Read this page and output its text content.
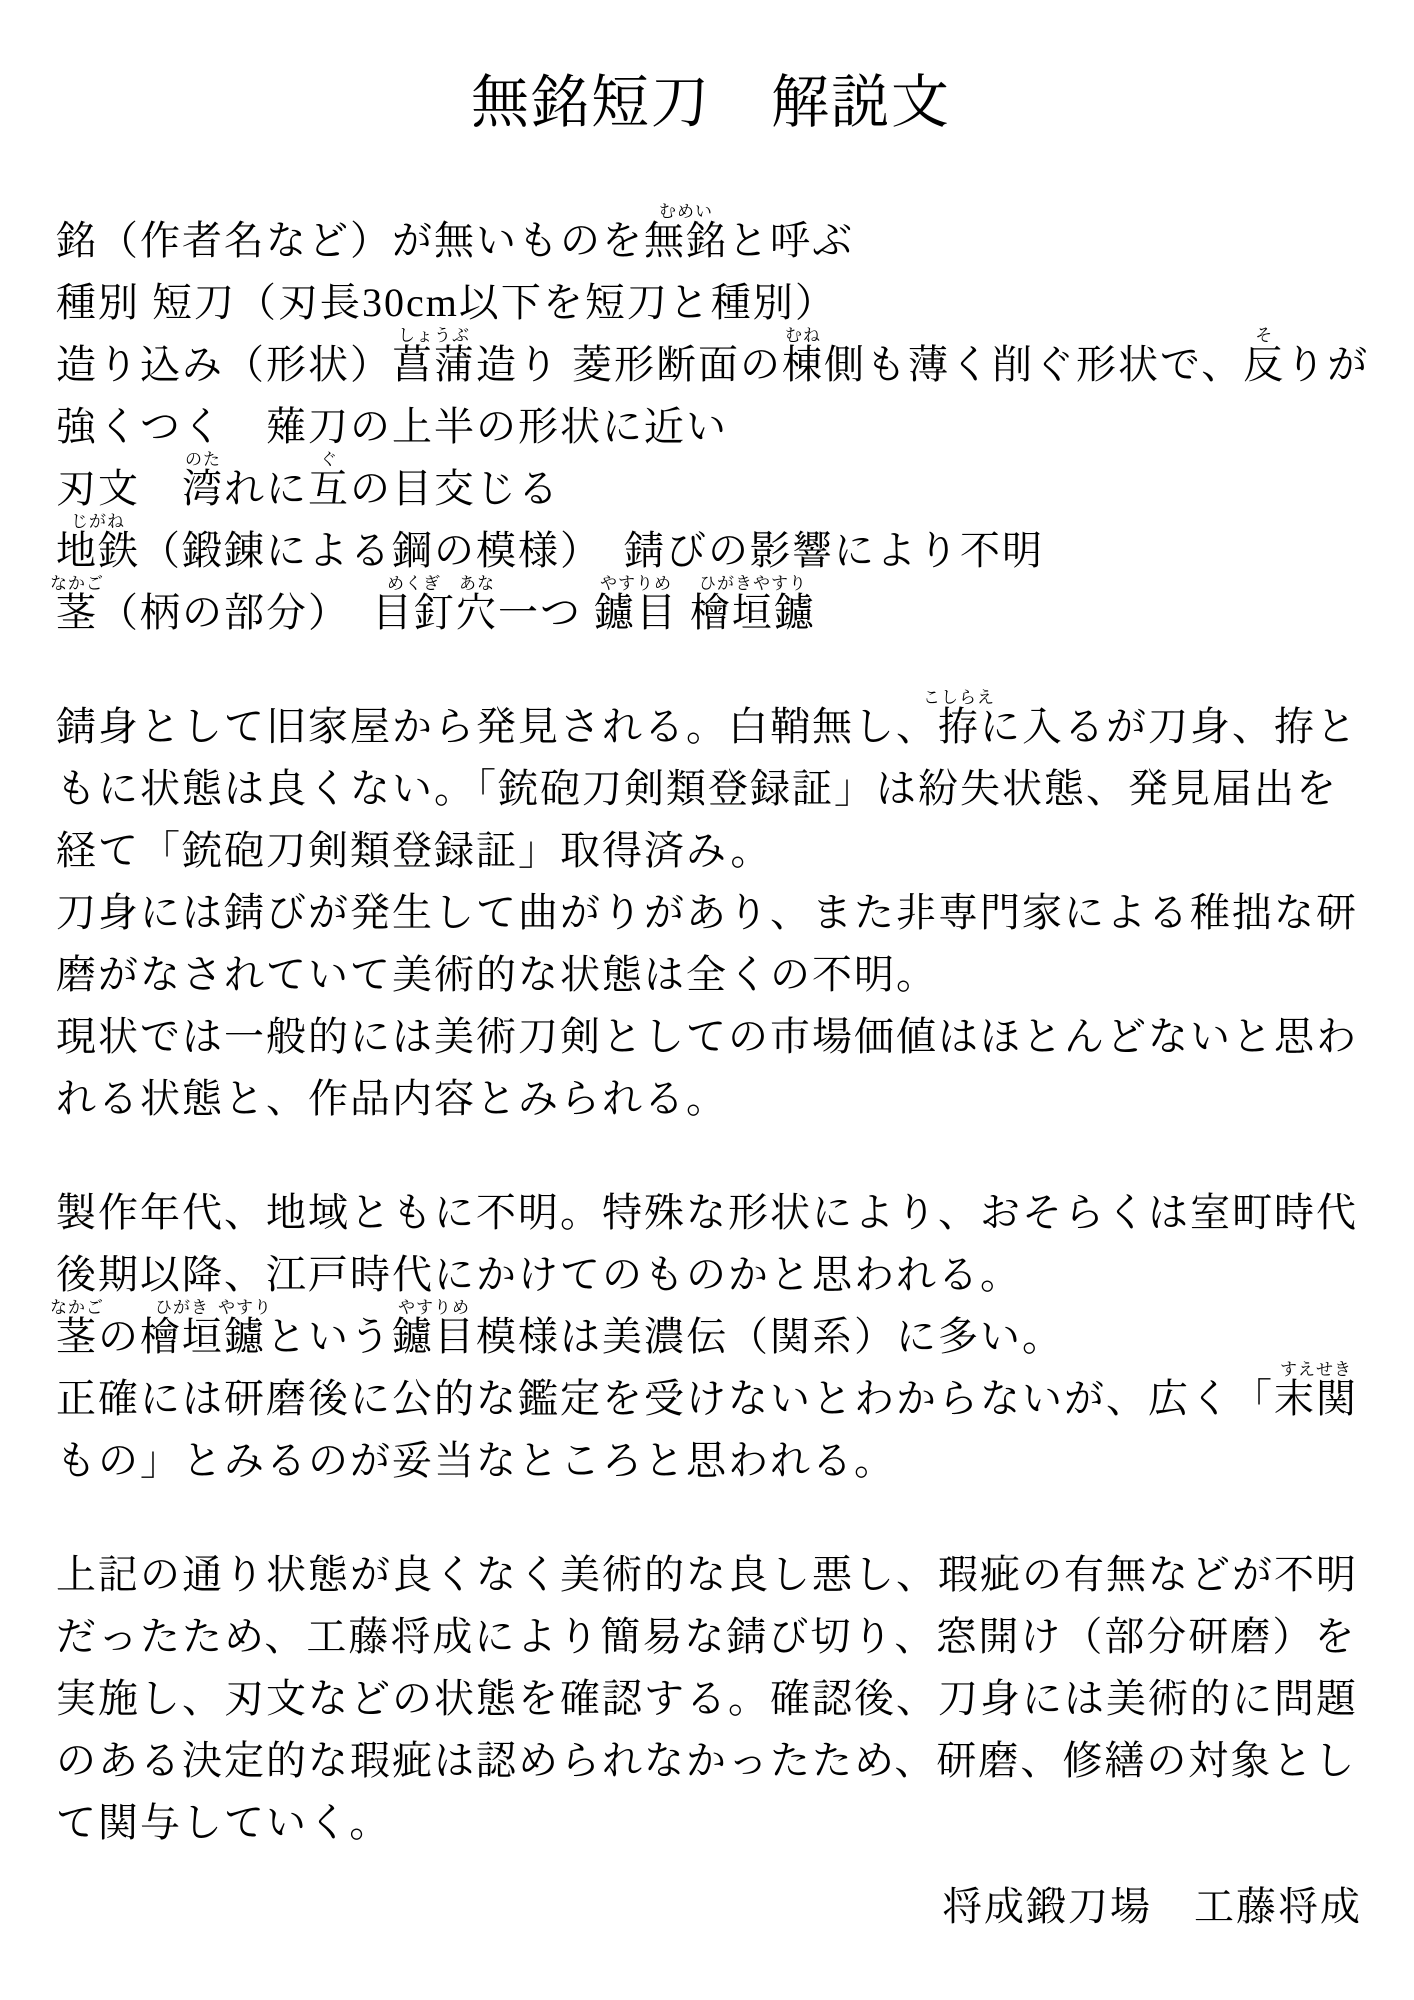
無銘短刀　解説文
銘（作者名など）が無いものを
むめい
無銘と呼ぶ
種別 短刀（刃長30cm以下を短刀と種別）
造り込み（形状）
しょうぶ
菖蒲造り 菱形断面の
むね
棟側も薄く削ぐ形状で、
そ
反りが
強くつく　薙刀の上半の形状に近い
刃文　
のた
湾れに
ぐ
互の目交じる
じがね
地鉄（鍛錬による鋼の模様）　錆びの影響により不明
なかご
茎（柄の部分）　
めくぎ
目釘
あな
穴一つ
やすりめ
鑢目
ひがきやすり
檜垣鑢
錆身として旧家屋から発見される。白鞘無し、
こしらえ
拵に入るが刀身、拵と
もに状態は良くない。「銃砲刀剣類登録証」は紛失状態、発見届出を
経て「銃砲刀剣類登録証」取得済み。
刀身には錆びが発生して曲がりがあり、また非専門家による稚拙な研
磨がなされていて美術的な状態は全くの不明。
現状では一般的には美術刀剣としての市場価値はほとんどないと思わ
れる状態と、作品内容とみられる。
製作年代、地域ともに不明。特殊な形状により、おそらくは室町時代
後期以降、江戸時代にかけてのものかと思われる。
なかご
茎の
ひがき
檜垣
やすり
鑢という
やすりめ
鑢目模様は美濃伝（関系）に多い。
正確には研磨後に公的な鑑定を受けないとわからないが、広く「
すえせき
末関
もの」とみるのが妥当なところと思われる。
上記の通り状態が良くなく美術的な良し悪し、瑕疵の有無などが不明
だったため、工藤将成により簡易な錆び切り、窓開け（部分研磨）を
実施し、刃文などの状態を確認する。確認後、刀身には美術的に問題
のある決定的な瑕疵は認められなかったため、研磨、修繕の対象とし
て関与していく。
将成鍛刀場　工藤将成
